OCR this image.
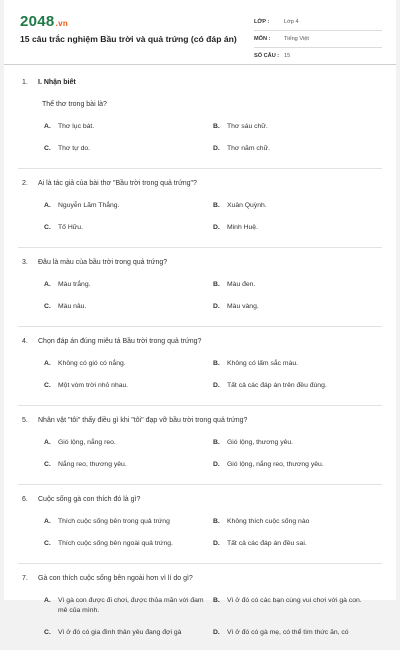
2048.vn
15 câu trắc nghiệm Bầu trời và quả trứng (có đáp án)
LỚP :	Lớp 4
MÔN :	Tiếng Việt
SỐ CÂU : 15
1.	I. Nhận biết
Thể thơ trong bài là?
A.	Thơ lục bát.	B.	Thơ sáu chữ.
C.	Thơ tự do.	D.	Thơ năm chữ.
2.	Ai là tác giả của bài thơ "Bầu trời trong quả trứng"?
A.	Nguyễn Lãm Thắng.	B.	Xuân Quỳnh.
C.	Tố Hữu.	D.	Minh Huệ.
3.	Đâu là màu của bầu trời trong quả trứng?
A.	Màu trắng.	B.	Màu đen.
C.	Màu nâu.	D.	Màu vàng.
4.	Chọn đáp án đúng miêu tả Bầu trời trong quả trứng?
A.	Không có gió có nắng.	B.	Không có lấm sắc màu.
C.	Một vòm trời nhỏ nhau.	D.	Tất cả các đáp án trên đều đúng.
5.	Nhân vật "tôi" thấy điều gì khi "tôi" đạp vỡ bầu trời trong quả trứng?
A.	Gió lộng, nắng reo.	B.	Gió lộng, thương yêu.
C.	Nắng reo, thương yêu.	D.	Gió lộng, nắng reo, thương yêu.
6.	Cuộc sống gà con thích đó là gì?
A.	Thích cuộc sống bên trong quả trứng	B.	Không thích cuộc sống nào
C.	Thích cuộc sống bên ngoài quả trứng.	D.	Tất cả các đáp án đều sai.
7.	Gà con thích cuộc sống bên ngoài hơn vì lí do gì?
A.	Vì gà con được đi chơi, được thỏa mãn với đam mê của mình.
B.	Vì ở đó có các bạn cùng vui chơi với gà con.
C.	Vì ở đó có gia đình thân yêu đang đợi gà	D.	Vì ở đó có gà mẹ, có thể tìm thức ăn, có
